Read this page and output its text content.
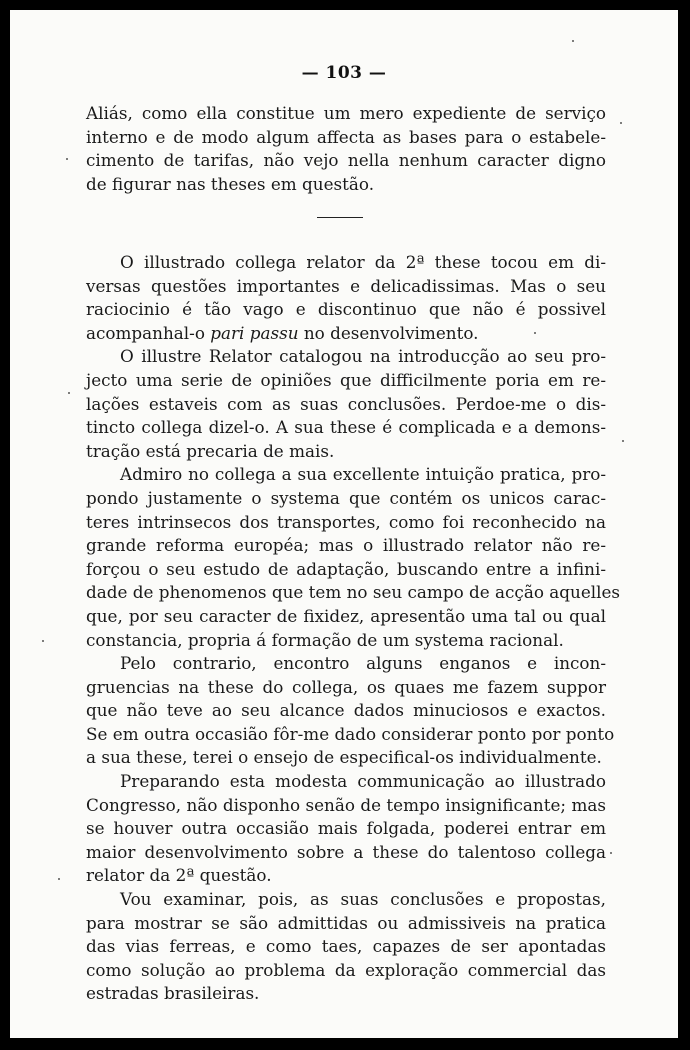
— 103 —
Aliás, como ella constitue um mero expediente de serviço
interno e de modo algum affecta as bases para o estabele-
cimento de tarifas, não vejo nella nenhum caracter digno
de figurar nas theses em questão.
O illustrado collega relator da 2ª these tocou em di-
versas questões importantes e delicadissimas. Mas o seu
raciocinio é tão vago e discontinuo que não é possivel
acompanhal-o pari passu no desenvolvimento.
O illustre Relator catalogou na introducção ao seu pro-
jecto uma serie de opiniões que difficilmente poria em re-
lações estaveis com as suas conclusões. Perdoe-me o dis-
tincto collega dizel-o. A sua these é complicada e a demons-
tração está precaria de mais.
Admiro no collega a sua excellente intuição pratica, pro-
pondo justamente o systema que contém os unicos carac-
teres intrinsecos dos transportes, como foi reconhecido na
grande reforma européa; mas o illustrado relator não re-
forçou o seu estudo de adaptação, buscando entre a infini-
dade de phenomenos que tem no seu campo de acção aquelles
que, por seu caracter de fixidez, apresentão uma tal ou qual
constancia, propria á formação de um systema racional.
Pelo contrario, encontro alguns enganos e incon-
gruencias na these do collega, os quaes me fazem suppor
que não teve ao seu alcance dados minuciosos e exactos.
Se em outra occasião fôr-me dado considerar ponto por ponto
a sua these, terei o ensejo de especifical-os individualmente.
Preparando esta modesta communicação ao illustrado
Congresso, não disponho senão de tempo insignificante; mas
se houver outra occasião mais folgada, poderei entrar em
maior desenvolvimento sobre a these do talentoso collega
relator da 2ª questão.
Vou examinar, pois, as suas conclusões e propostas,
para mostrar se são admittidas ou admissiveis na pratica
das vias ferreas, e como taes, capazes de ser apontadas
como solução ao problema da exploração commercial das
estradas brasileiras.
